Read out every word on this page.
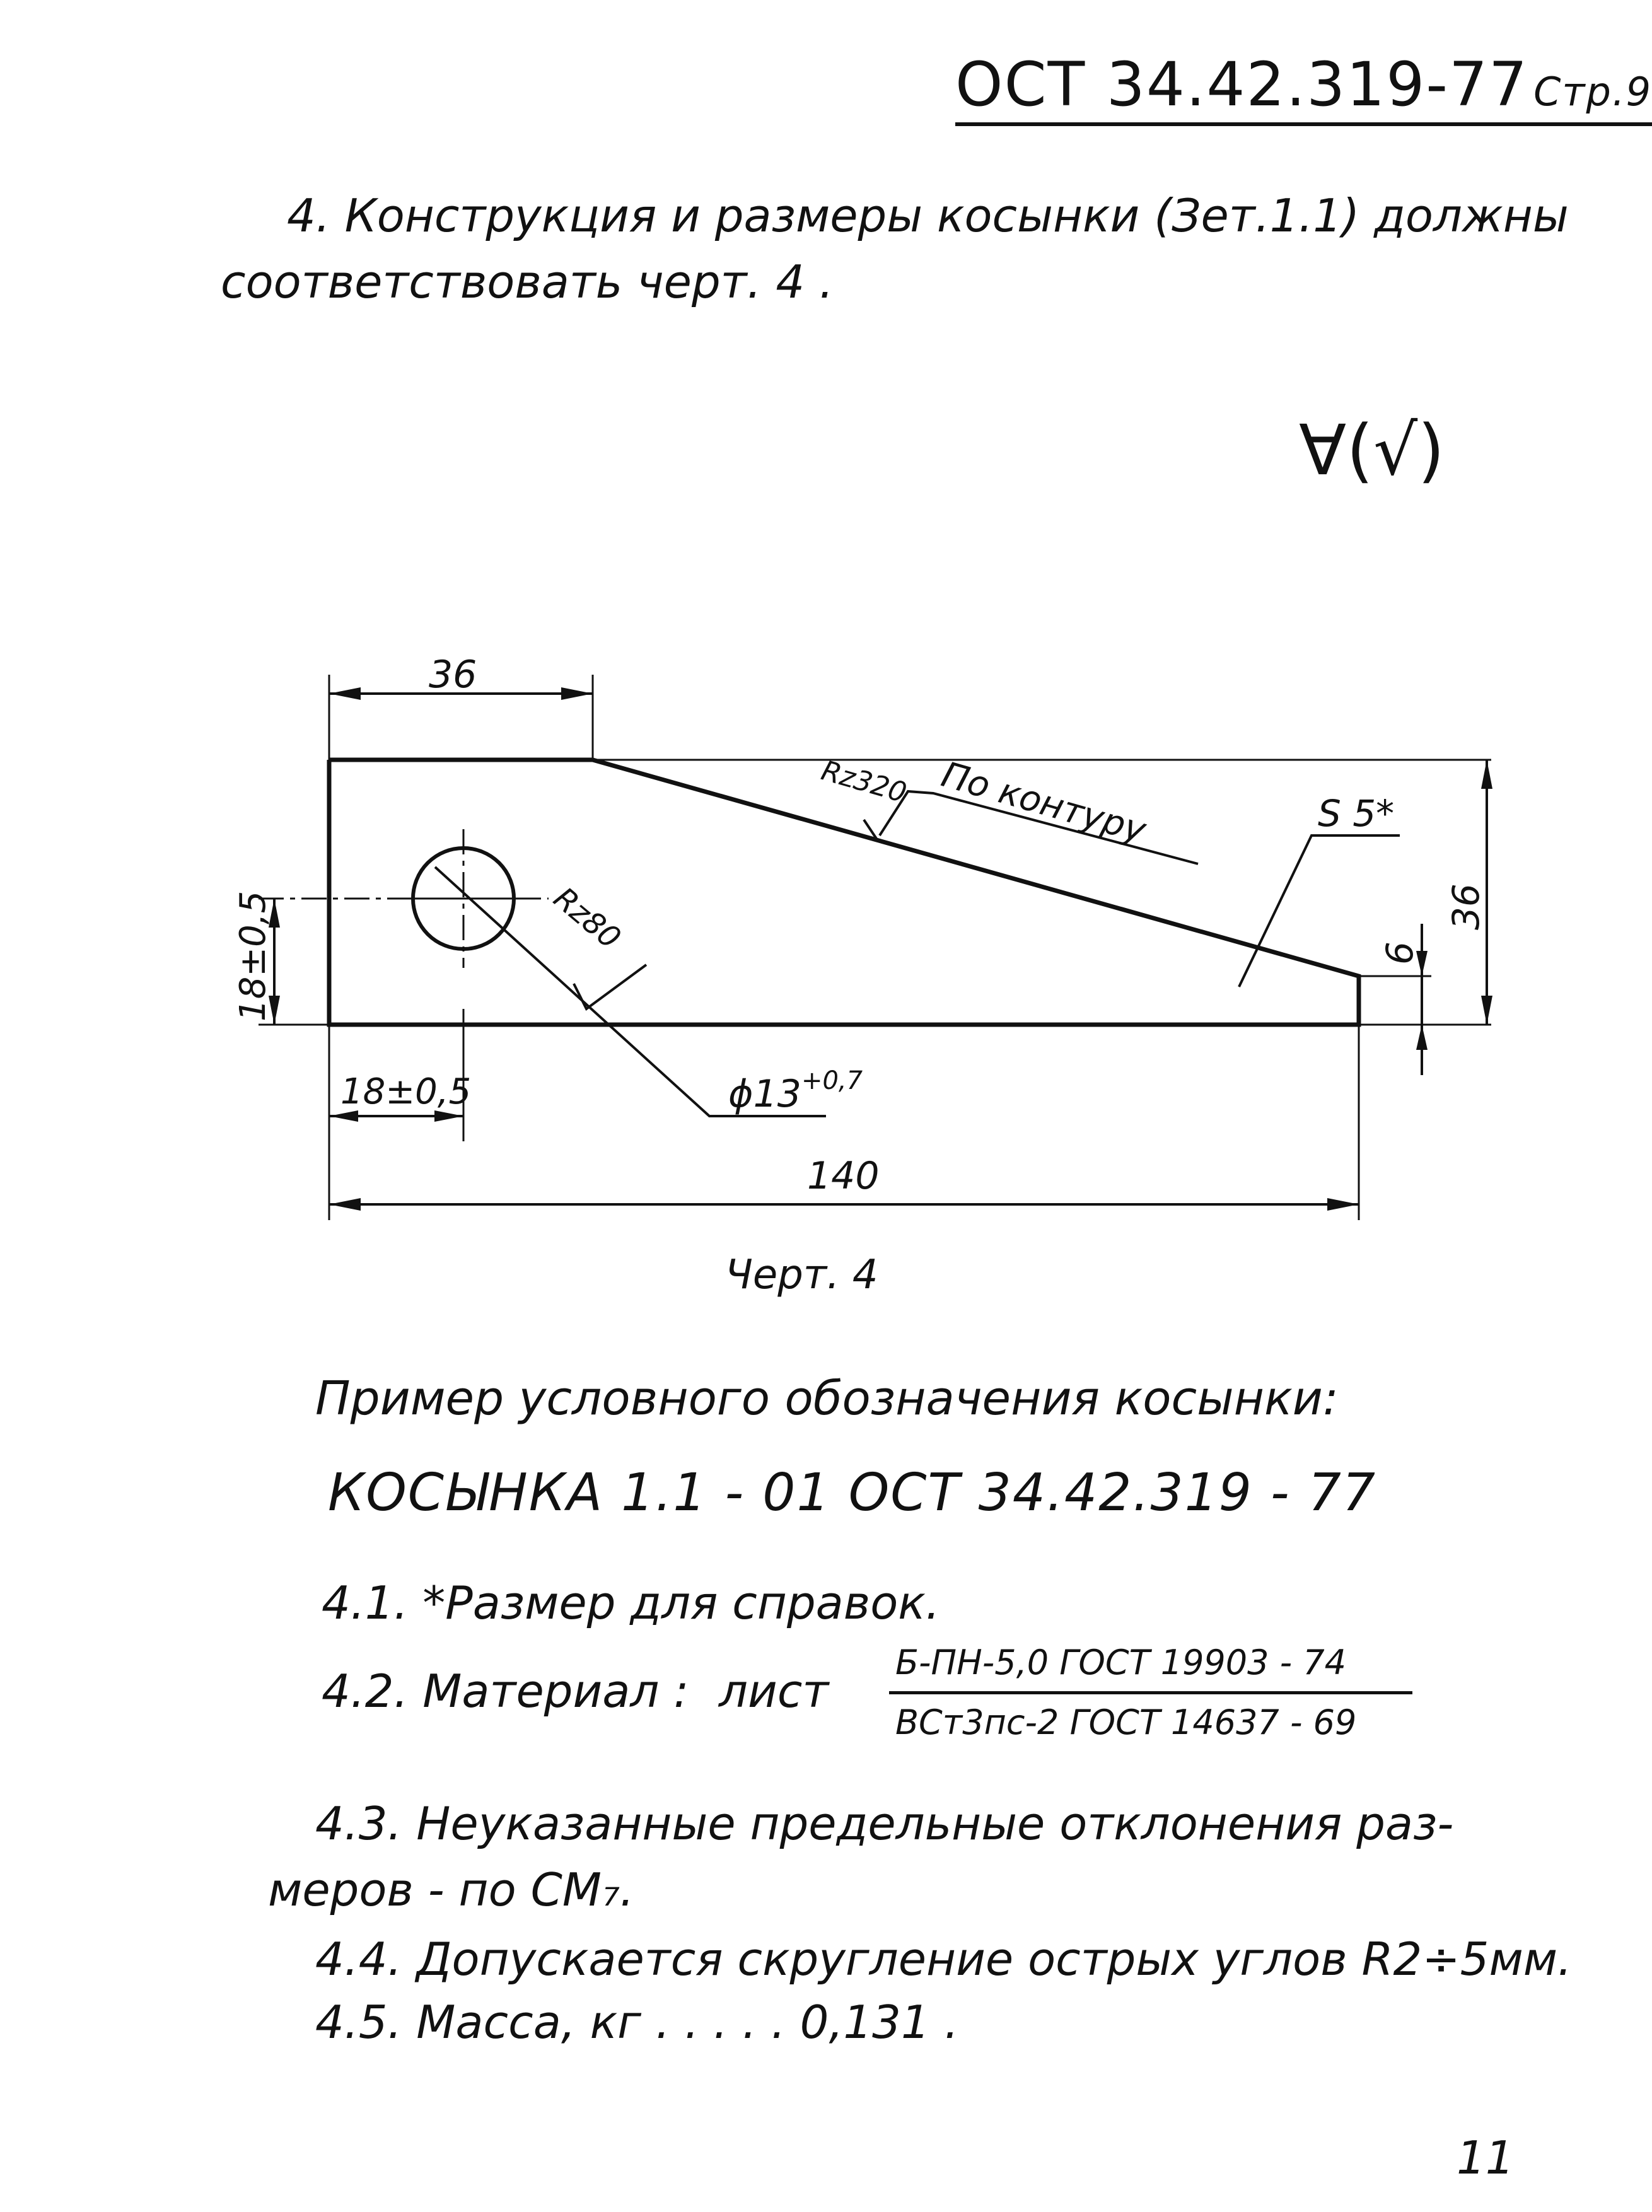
ОСТ 34.42.319-77 Стр.9
4. Конструкция и размеры косынки (Зет.1.1) должны
соответствовать черт. 4 .
∀(√)
36
140
18±0,5
18±0,5	36
6
Rz320 По контуру	S 5*
Rz80
$\phi 13^{+0,7}$
Черт. 4
Пример условного обозначения косынки:
КОСЫНКА 1.1 - 01 ОСТ 34.42.319 - 77
4.1. *Размер для справок.
4.2. Материал : лист
Б-ПН-5,0 ГОСТ 19903 - 74
ВСт3пс-2 ГОСТ 14637 - 69
4.3. Неуказанные предельные отклонения раз-
меров - по СМ₇.
4.4. Допускается скругление острых углов R2÷5мм.
4.5. Масса, кг . . . . . 0,131 .
11
